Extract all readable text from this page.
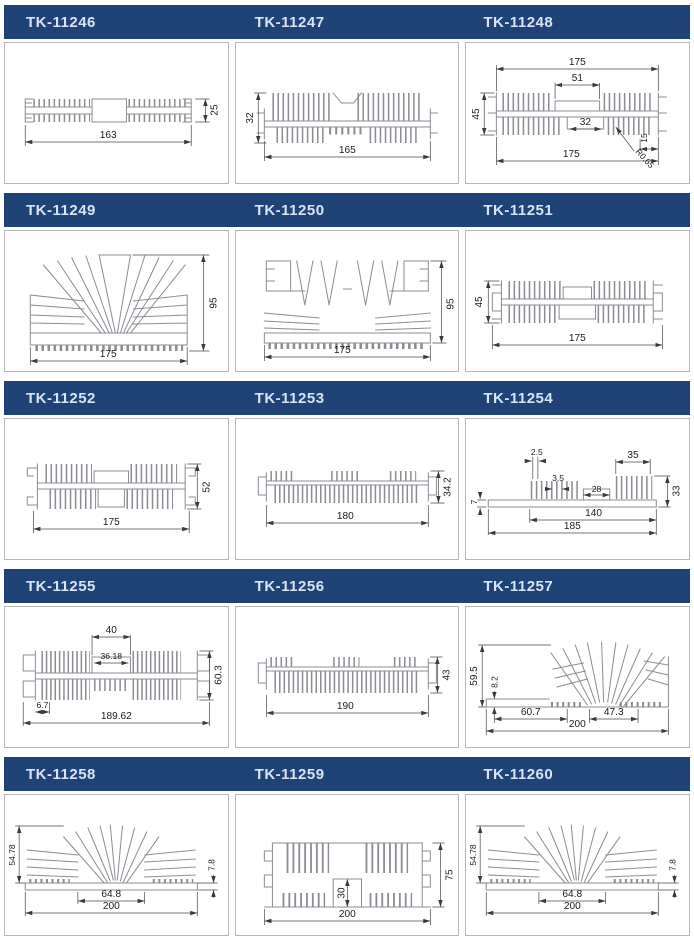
TK-11246	TK-11247	TK-11248
163
25
32
165
175
51
45
32
175
15
R0.65
TK-11249	TK-11250	TK-11251
95
175
95
175
45
175
TK-11252	TK-11253	TK-11254
52
175
34.2
180
2.5	35
7
3.5
28	33
140
185
TK-11255	TK-11256	TK-11257
40
36.18
60.3
6.7
189.62
43
190
59.5 8.2
60.7	47.3
200
TK-11258	TK-11259	TK-11260
54.78	7.8
64.8
200
30
75
200
54.78	7.8
64.8
200
